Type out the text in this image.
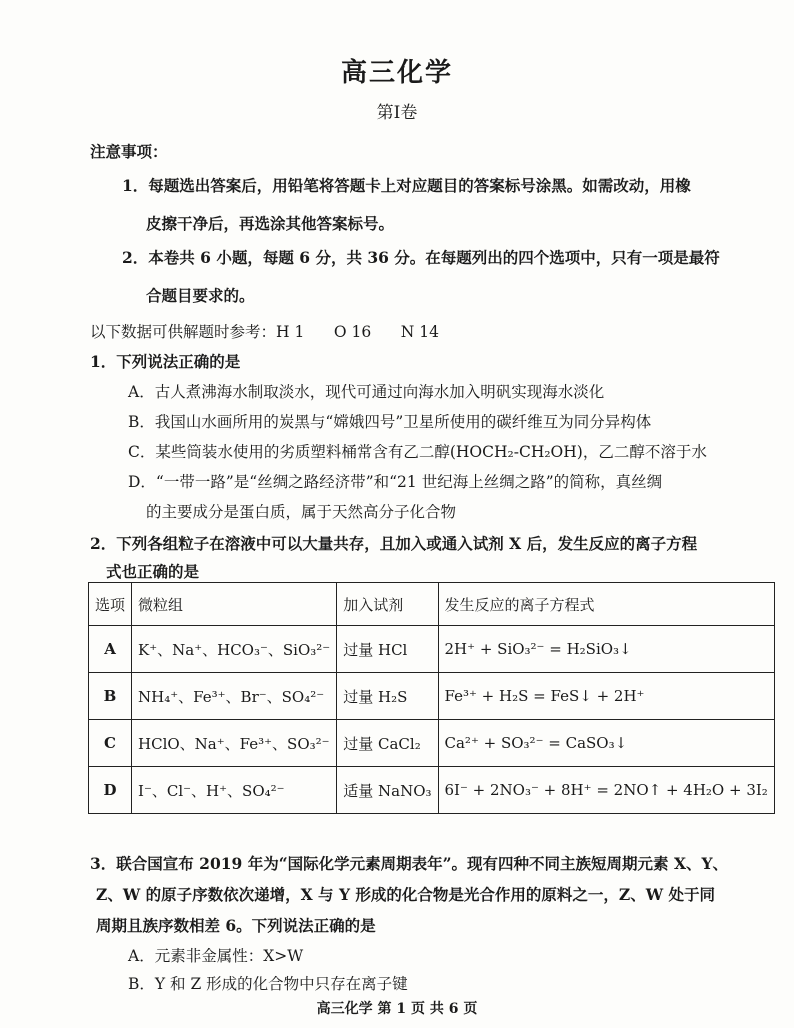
高三化学
第Ⅰ卷
注意事项：
1．每题选出答案后，用铅笔将答题卡上对应题目的答案标号涂黑。如需改动，用橡
皮擦干净后，再选涂其他答案标号。
2．本卷共 6 小题，每题 6 分，共 36 分。在每题列出的四个选项中，只有一项是最符
合题目要求的。
以下数据可供解题时参考：H 1      O 16      N 14
1．下列说法正确的是
A．古人煮沸海水制取淡水，现代可通过向海水加入明矾实现海水淡化
B．我国山水画所用的炭黑与“嫦娥四号”卫星所使用的碳纤维互为同分异构体
C．某些筒装水使用的劣质塑料桶常含有乙二醇(HOCH₂-CH₂OH)，乙二醇不溶于水
D．“一带一路”是“丝绸之路经济带”和“21 世纪海上丝绸之路”的简称，真丝绸
的主要成分是蛋白质，属于天然高分子化合物
2．下列各组粒子在溶液中可以大量共存，且加入或通入试剂 X 后，发生反应的离子方程
式也正确的是
选项	微粒组	加入试剂	发生反应的离子方程式
A	K⁺、Na⁺、HCO₃⁻、SiO₃²⁻	过量 HCl	2H⁺ + SiO₃²⁻ = H₂SiO₃↓
B	NH₄⁺、Fe³⁺、Br⁻、SO₄²⁻	过量 H₂S	Fe³⁺ + H₂S = FeS↓ + 2H⁺
C	HClO、Na⁺、Fe³⁺、SO₃²⁻	过量 CaCl₂	Ca²⁺ + SO₃²⁻ = CaSO₃↓
D	I⁻、Cl⁻、H⁺、SO₄²⁻	适量 NaNO₃	6I⁻ + 2NO₃⁻ + 8H⁺ = 2NO↑ + 4H₂O + 3I₂
3．联合国宣布 2019 年为“国际化学元素周期表年”。现有四种不同主族短周期元素 X、Y、
Z、W 的原子序数依次递增，X 与 Y 形成的化合物是光合作用的原料之一，Z、W 处于同
周期且族序数相差 6。下列说法正确的是
A．元素非金属性：X>W
B．Y 和 Z 形成的化合物中只存在离子键
高三化学 第 1 页 共 6 页
